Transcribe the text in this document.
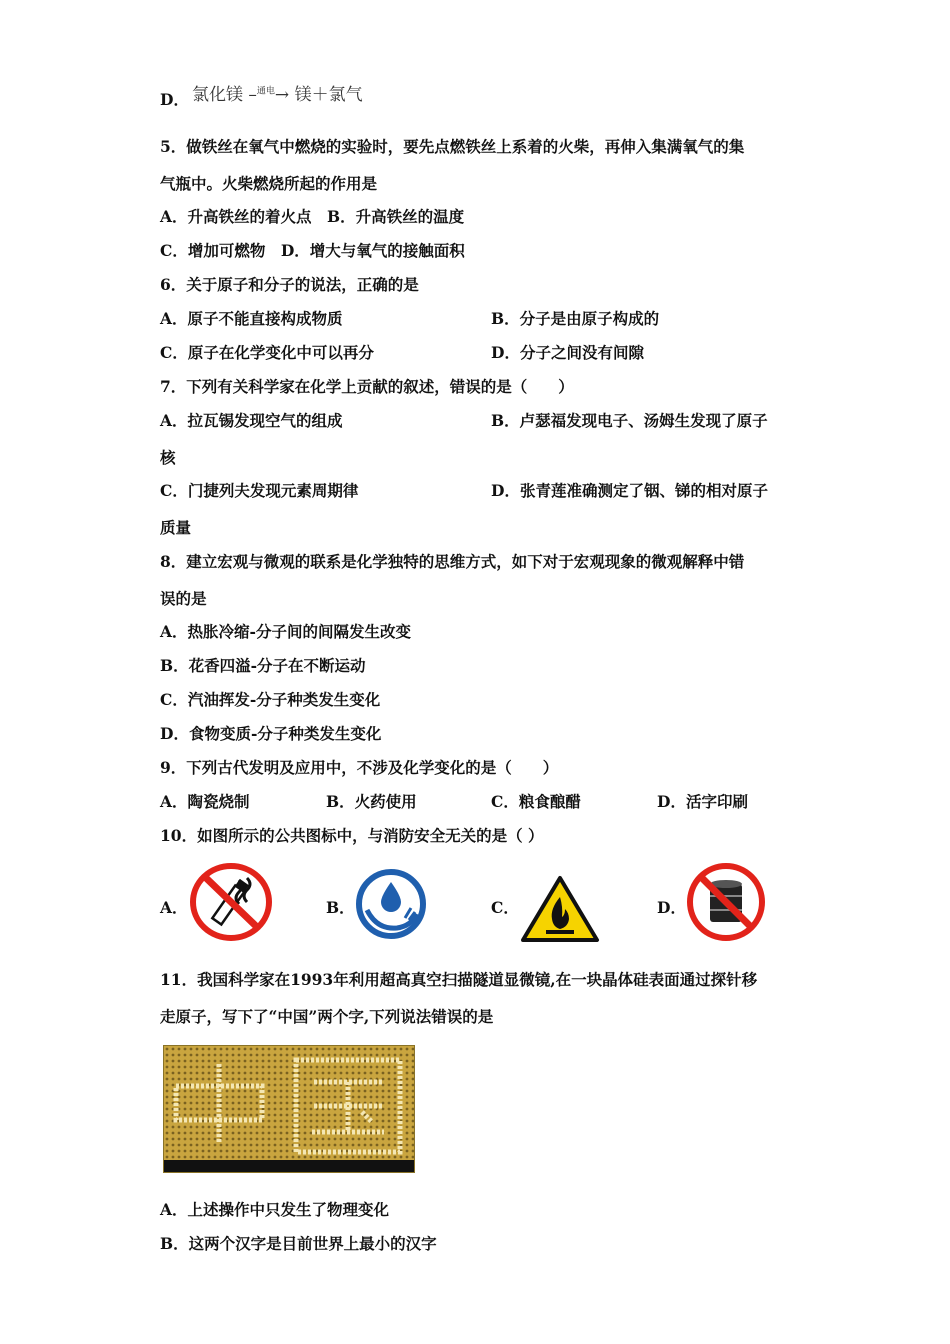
D． 氯化镁 –$^{通电}$→ 镁＋氯气
5．做铁丝在氧气中燃烧的实验时，要先点燃铁丝上系着的火柴，再伸入集满氧气的集
气瓶中。火柴燃烧所起的作用是
A．升高铁丝的着火点　B．升高铁丝的温度
C．增加可燃物　D．增大与氧气的接触面积
6．关于原子和分子的说法，正确的是
A．原子不能直接构成物质	B．分子是由原子构成的
C．原子在化学变化中可以再分	D．分子之间没有间隙
7．下列有关科学家在化学上贡献的叙述，错误的是（　　）
A．拉瓦锡发现空气的组成	B．卢瑟福发现电子、汤姆生发现了原子
核
C．门捷列夫发现元素周期律	D．张青莲准确测定了铟、锑的相对原子
质量
8．建立宏观与微观的联系是化学独特的思维方式，如下对于宏观现象的微观解释中错
误的是
A．热胀冷缩-分子间的间隔发生改变
B．花香四溢-分子在不断运动
C．汽油挥发-分子种类发生变化
D．食物变质-分子种类发生变化
9．下列古代发明及应用中，不涉及化学变化的是（　　）
A．陶瓷烧制	B．火药使用	C．粮食酿醋	D．活字印刷
10．如图所示的公共图标中，与消防安全无关的是（ ）
A．	B．	C．	D．
11．我国科学家在1993年利用超高真空扫描隧道显微镜,在一块晶体硅表面通过探针移
走原子，写下了“中国”两个字,下列说法错误的是
A．上述操作中只发生了物理变化
B．这两个汉字是目前世界上最小的汉字
